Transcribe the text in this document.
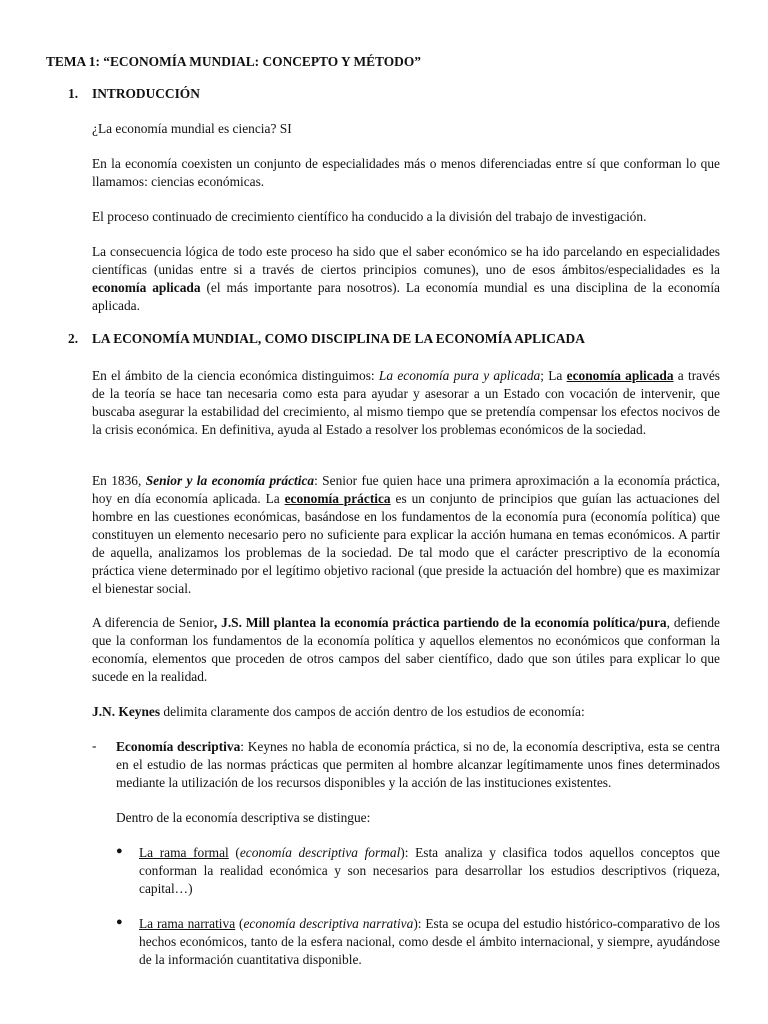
TEMA 1: “ECONOMÍA MUNDIAL: CONCEPTO Y MÉTODO”
1. INTRODUCCIÓN
¿La economía mundial es ciencia? SI
En la economía coexisten un conjunto de especialidades más o menos diferenciadas entre sí que conforman lo que llamamos: ciencias económicas.
El proceso continuado de crecimiento científico ha conducido a la división del trabajo de investigación.
La consecuencia lógica de todo este proceso ha sido que el saber económico se ha ido parcelando en especialidades científicas (unidas entre si a través de ciertos principios comunes), uno de esos ámbitos/especialidades es la economía aplicada (el más importante para nosotros). La economía mundial es una disciplina de la economía aplicada.
2. LA ECONOMÍA MUNDIAL, COMO DISCIPLINA DE LA ECONOMÍA APLICADA
En el ámbito de la ciencia económica distinguimos: La economía pura y aplicada; La economía aplicada a través de la teoría se hace tan necesaria como esta para ayudar y asesorar a un Estado con vocación de intervenir, que buscaba asegurar la estabilidad del crecimiento, al mismo tiempo que se pretendía compensar los efectos nocivos de la crisis económica. En definitiva, ayuda al Estado a resolver los problemas económicos de la sociedad.
En 1836, Senior y la economía práctica: Senior fue quien hace una primera aproximación a la economía práctica, hoy en día economía aplicada. La economía práctica es un conjunto de principios que guían las actuaciones del hombre en las cuestiones económicas, basándose en los fundamentos de la economía pura (economía política) que constituyen un elemento necesario pero no suficiente para explicar la acción humana en temas económicos. A partir de aquella, analizamos los problemas de la sociedad. De tal modo que el carácter prescriptivo de la economía práctica viene determinado por el legítimo objetivo racional (que preside la actuación del hombre) que es maximizar el bienestar social.
A diferencia de Senior, J.S. Mill plantea la economía práctica partiendo de la economía política/pura, defiende que la conforman los fundamentos de la economía política y aquellos elementos no económicos que conforman la economía, elementos que proceden de otros campos del saber científico, dado que son útiles para explicar lo que sucede en la realidad.
J.N. Keynes delimita claramente dos campos de acción dentro de los estudios de economía:
- Economía descriptiva: Keynes no habla de economía práctica, si no de, la economía descriptiva, esta se centra en el estudio de las normas prácticas que permiten al hombre alcanzar legítimamente unos fines determinados mediante la utilización de los recursos disponibles y la acción de las instituciones existentes.
Dentro de la economía descriptiva se distingue:
● La rama formal (economía descriptiva formal): Esta analiza y clasifica todos aquellos conceptos que conforman la realidad económica y son necesarios para desarrollar los estudios descriptivos (riqueza, capital…)
● La rama narrativa (economía descriptiva narrativa): Esta se ocupa del estudio histórico-comparativo de los hechos económicos, tanto de la esfera nacional, como desde el ámbito internacional, y siempre, ayudándose de la información cuantitativa disponible.
